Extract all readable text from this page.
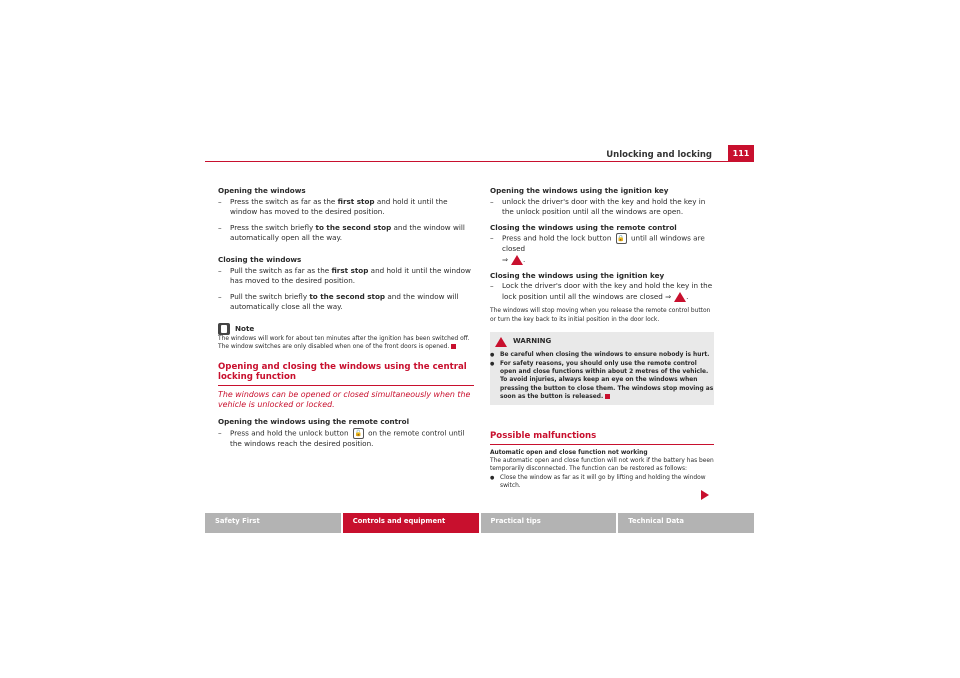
Unlocking and locking	111

Opening the windows

– Press the switch as far as the first stop and hold it until the window has moved to the desired position.
– Press the switch briefly to the second stop and the window will automatically open all the way.

Closing the windows

– Pull the switch as far as the first stop and hold it until the window has moved to the desired position.
– Pull the switch briefly to the second stop and the window will automatically close all the way.
Note
The windows will work for about ten minutes after the ignition has been switched off. The window switches are only disabled when one of the front doors is opened.
Opening and closing the windows using the central locking function
The windows can be opened or closed simultaneously when the vehicle is unlocked or locked.

Opening the windows using the remote control

– Press and hold the unlock button 🔓 on the remote control until the windows reach the desired position.

Opening the windows using the ignition key

– unlock the driver's door with the key and hold the key in the unlock position until all the windows are open.

Closing the windows using the remote control

– Press and hold the lock button 🔒 until all windows are closed
⇒ .

Closing the windows using the ignition key

– Lock the driver's door with the key and hold the key in the lock position until all the windows are closed ⇒ .
The windows will stop moving when you release the remote control button or turn the key back to its initial position in the door lock.
WARNING

● Be careful when closing the windows to ensure nobody is hurt.

● For safety reasons, you should only use the remote control open and close functions within about 2 metres of the vehicle. To avoid injuries, always keep an eye on the windows when pressing the button to close them. The windows stop moving as soon as the button is released.

Possible malfunctions
Automatic open and close function not working
The automatic open and close function will not work if the battery has been temporarily disconnected. The function can be restored as follows:
● Close the window as far as it will go by lifting and holding the window switch.
Safety First	Controls and equipment	Practical tips	Technical Data
